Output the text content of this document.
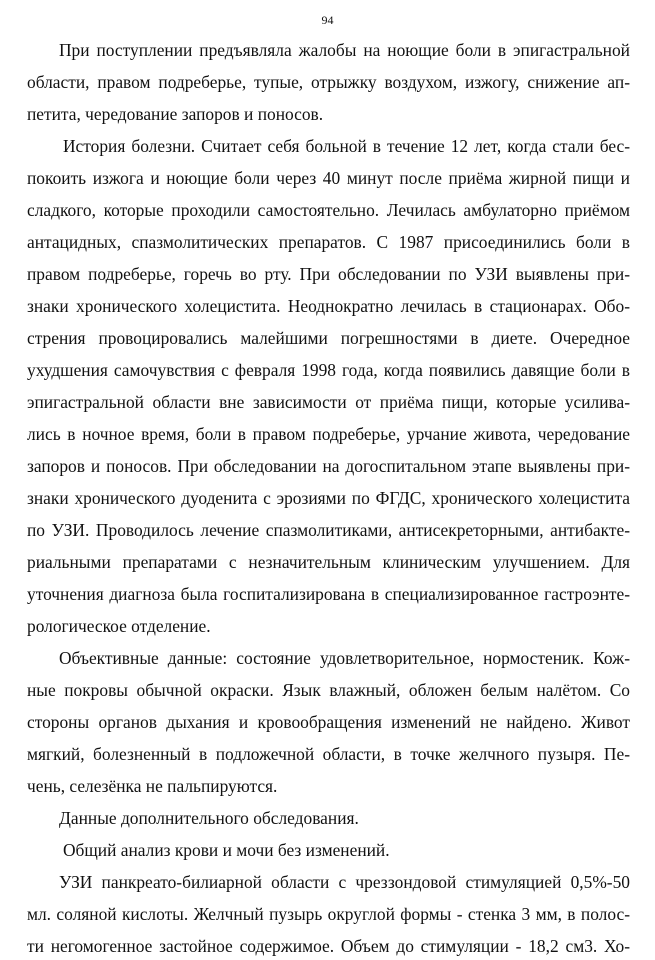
94
При поступлении предъявляла жалобы на ноющие боли в эпигастральной
области, правом подреберье, тупые, отрыжку воздухом, изжогу, снижение ап-
петита, чередование запоров и поносов.
История болезни. Считает себя больной в течение 12 лет, когда стали бес-
покоить изжога и ноющие боли через 40 минут после приёма жирной пищи и
сладкого, которые проходили самостоятельно. Лечилась амбулаторно приёмом
антацидных, спазмолитических препаратов. С 1987 присоединились боли в
правом подреберье, горечь во рту. При обследовании по УЗИ выявлены при-
знаки хронического холецистита. Неоднократно лечилась в стационарах. Обо-
стрения провоцировались малейшими погрешностями в диете. Очередное
ухудшения самочувствия с февраля 1998 года, когда появились давящие боли в
эпигастральной области вне зависимости от приёма пищи, которые усилива-
лись в ночное время, боли в правом подреберье, урчание живота, чередование
запоров и поносов. При обследовании на догоспитальном этапе выявлены при-
знаки хронического дуоденита с эрозиями по ФГДС, хронического холецистита
по УЗИ. Проводилось лечение спазмолитиками, антисекреторными, антибакте-
риальными препаратами с незначительным клиническим улучшением. Для
уточнения диагноза была госпитализирована в специализированное гастроэнте-
рологическое отделение.
Объективные данные: состояние удовлетворительное, нормостеник. Кож-
ные покровы обычной окраски. Язык влажный, обложен белым налётом. Со
стороны органов дыхания и кровообращения изменений не найдено. Живот
мягкий, болезненный в подложечной области, в точке желчного пузыря. Пе-
чень, селезёнка не пальпируются.
Данные дополнительного обследования.
Общий анализ крови и мочи без изменений.
УЗИ панкреато-билиарной области с чреззондовой стимуляцией 0,5%-50
мл. соляной кислоты. Желчный пузырь округлой формы - стенка 3 мм, в полос-
ти негомогенное застойное содержимое. Объем до стимуляции - 18,2 см3. Хо-
